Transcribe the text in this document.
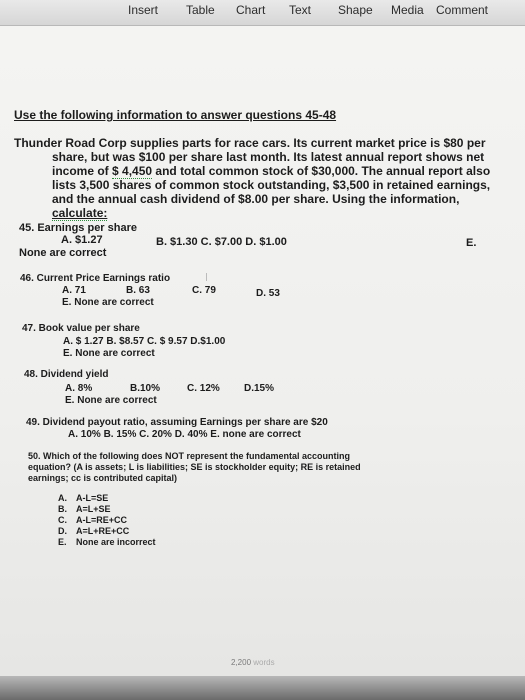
Insert Table Chart Text Shape Media Comment
Use the following information to answer questions 45-48
Thunder Road Corp supplies parts for race cars. Its current market price is $80 per
share, but was $100 per share last month. Its latest annual report shows net
income of $ 4,450 and total common stock of $30,000. The annual report also
lists 3,500 shares of common stock outstanding, $3,500 in retained earnings,
and the annual cash dividend of $8.00 per share. Using the information,
calculate:
45. Earnings per share
A. $1.27	B. $1.30 C. $7.00 D. $1.00	E.
None are correct
46. Current Price Earnings ratio
A. 71	B. 63	C. 79	D. 53
E. None are correct
47. Book value per share
A. $ 1.27 B. $8.57 C. $ 9.57 D.$1.00
E. None are correct
48. Dividend yield
A. 8%	B.10%	C. 12% D.15%
E. None are correct
49. Dividend payout ratio, assuming Earnings per share are $20
A. 10% B. 15% C. 20% D. 40% E. none are correct
50. Which of the following does NOT represent the fundamental accounting
equation? (A is assets; L is liabilities; SE is stockholder equity; RE is retained
earnings; cc is contributed capital)
A. A-L=SE
B. A=L+SE
C. A-L=RE+CC
D. A=L+RE+CC
E. None are incorrect
2,200 words
